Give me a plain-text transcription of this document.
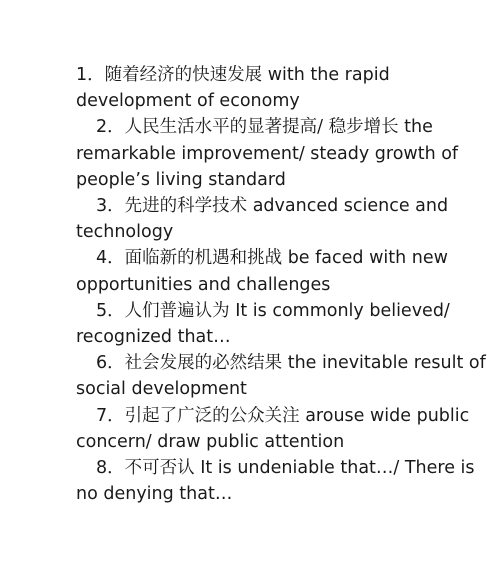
1．随着经济的快速发展 with the rapid development of economy

2．人民生活水平的显著提高/ 稳步增长 the remarkable improvement/ steady growth of people’s living standard

3．先进的科学技术 advanced science and technology

4．面临新的机遇和挑战 be faced with new opportunities and challenges

5．人们普遍认为 It is commonly believed/ recognized that…

6．社会发展的必然结果 the inevitable result of social development

7．引起了广泛的公众关注 arouse wide public concern/ draw public attention

8．不可否认 It is undeniable that…/ There is no denying that…
